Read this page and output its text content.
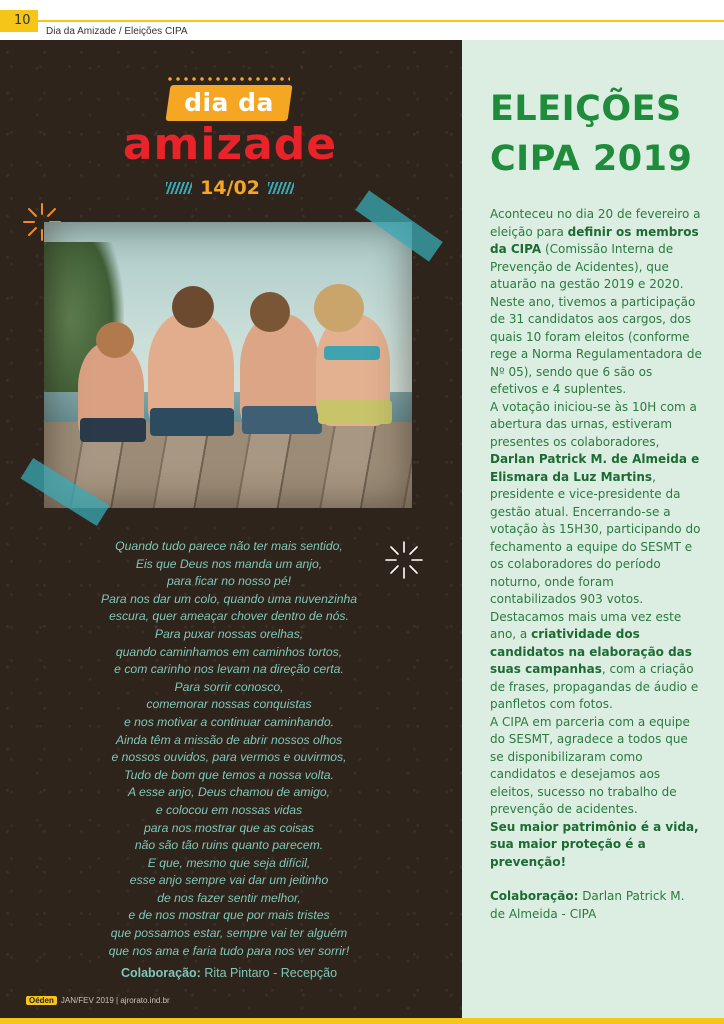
10
Dia da Amizade / Eleições CIPA
dia da
amizade
14/02
Quando tudo parece não ter mais sentido,
Eis que Deus nos manda um anjo,
para ficar no nosso pé!
Para nos dar um colo, quando uma nuvenzinha
escura, quer ameaçar chover dentro de nós.
Para puxar nossas orelhas,
quando caminhamos em caminhos tortos,
e com carinho nos levam na direção certa.
Para sorrir conosco,
comemorar nossas conquistas
e nos motivar a continuar caminhando.
Ainda têm a missão de abrir nossos olhos
e nossos ouvidos, para vermos e ouvirmos,
Tudo de bom que temos a nossa volta.
A esse anjo, Deus chamou de amigo,
e colocou em nossas vidas
para nos mostrar que as coisas
não são tão ruins quanto parecem.
E que, mesmo que seja difícil,
esse anjo sempre vai dar um jeitinho
de nos fazer sentir melhor,
e de nos mostrar que por mais tristes
que possamos estar, sempre vai ter alguém
que nos ama e faria tudo para nos ver sorrir!
Colaboração: Rita Pintaro - Recepção
Oéden JAN/FEV 2019 | ajrorato.ind.br
ELEIÇÕES
CIPA 2019

Aconteceu no dia 20 de fevereiro a eleição para definir os membros da CIPA (Comissão Interna de Prevenção de Acidentes), que atuarão na gestão 2019 e 2020. Neste ano, tivemos a participação de 31 candidatos aos cargos, dos quais 10 foram eleitos (conforme rege a Norma Regulamentadora de Nº 05), sendo que 6 são os efetivos e 4 suplentes.

A votação iniciou-se às 10H com a abertura das urnas, estiveram presentes os colaboradores, Darlan Patrick M. de Almeida e Elismara da Luz Martins, presidente e vice-presidente da gestão atual. Encerrando-se a votação às 15H30, participando do fechamento a equipe do SESMT e os colaboradores do período noturno, onde foram contabilizados 903 votos.

Destacamos mais uma vez este ano, a criatividade dos candidatos na elaboração das suas campanhas, com a criação de frases, propagandas de áudio e panfletos com fotos.

A CIPA em parceria com a equipe do SESMT, agradece a todos que se disponibilizaram como candidatos e desejamos aos eleitos, sucesso no trabalho de prevenção de acidentes.

Seu maior patrimônio é a vida, sua maior proteção é a prevenção!

Colaboração: Darlan Patrick M. de Almeida - CIPA
